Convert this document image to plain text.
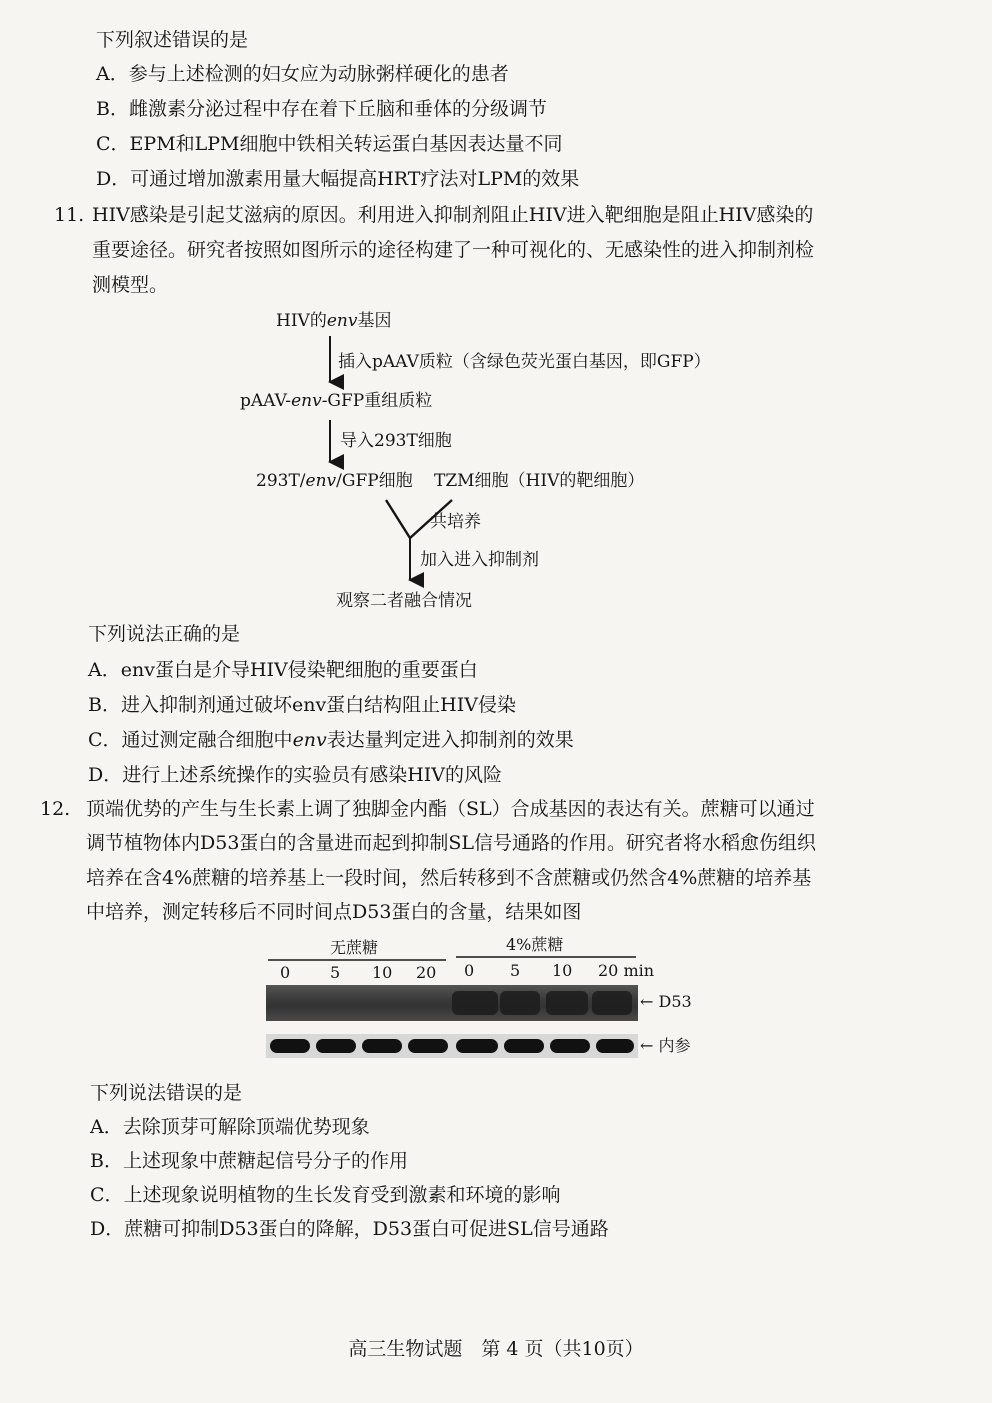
下列叙述错误的是
A．参与上述检测的妇女应为动脉粥样硬化的患者
B．雌激素分泌过程中存在着下丘脑和垂体的分级调节
C．EPM和LPM细胞中铁相关转运蛋白基因表达量不同
D．可通过增加激素用量大幅提高HRT疗法对LPM的效果
11. HIV感染是引起艾滋病的原因。利用进入抑制剂阻止HIV进入靶细胞是阻止HIV感染的
重要途径。研究者按照如图所示的途径构建了一种可视化的、无感染性的进入抑制剂检
测模型。
HIV的env基因
插入pAAV质粒（含绿色荧光蛋白基因，即GFP）
pAAV-env-GFP重组质粒
导入293T细胞
293T/env/GFP细胞 TZM细胞（HIV的靶细胞）
共培养
加入进入抑制剂
观察二者融合情况
下列说法正确的是
A．env蛋白是介导HIV侵染靶细胞的重要蛋白
B．进入抑制剂通过破坏env蛋白结构阻止HIV侵染
C．通过测定融合细胞中env表达量判定进入抑制剂的效果
D．进行上述系统操作的实验员有感染HIV的风险
12. 顶端优势的产生与生长素上调了独脚金内酯（SL）合成基因的表达有关。蔗糖可以通过
调节植物体内D53蛋白的含量进而起到抑制SL信号通路的作用。研究者将水稻愈伤组织
培养在含4%蔗糖的培养基上一段时间，然后转移到不含蔗糖或仍然含4%蔗糖的培养基
中培养，测定转移后不同时间点D53蛋白的含量，结果如图
无蔗糖	4%蔗糖
0 5 10 20 0 5 10 20 min
← D53
← 内参
下列说法错误的是
A．去除顶芽可解除顶端优势现象
B．上述现象中蔗糖起信号分子的作用
C．上述现象说明植物的生长发育受到激素和环境的影响
D．蔗糖可抑制D53蛋白的降解，D53蛋白可促进SL信号通路
高三生物试题　第 4 页（共10页）
